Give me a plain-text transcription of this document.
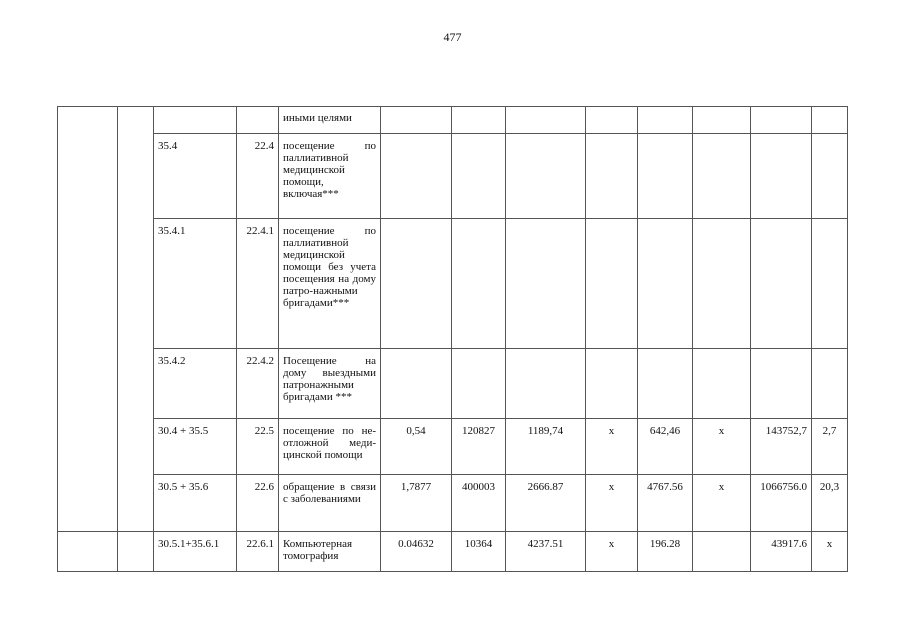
477
				иными целями								
		35.4	22.4	посещение по паллиативной медицинской помощи, включая***								
		35.4.1	22.4.1	посещение по паллиативной медицинской помощи без учета посещения на дому патро-нажными бригадами***								
		35.4.2	22.4.2	Посещение на дому выездными патронажными бригадами ***								
		30.4 + 35.5	22.5	посещение по не-отложной меди-цинской помощи	0,54	120827	1189,74	х	642,46	х	143752,7	2,7
		30.5 + 35.6	22.6	обращение в связи с заболеваниями	1,7877	400003	2666.87	х	4767.56	х	1066756.0	20,3
		30.5.1+35.6.1	22.6.1	Компьютерная томография	0.04632	10364	4237.51	х	196.28		43917.6	х
